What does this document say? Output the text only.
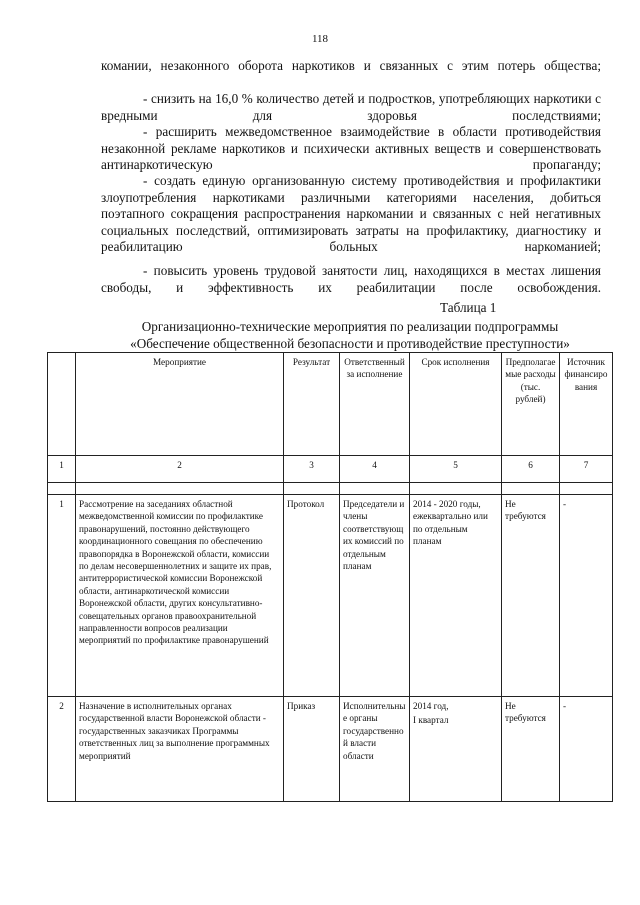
118

комании, незаконного оборота наркотиков и связанных с этим потерь общества;

- снизить на 16,0 % количество детей и подростков, употребляющих наркотики с вредными для здоровья последствиями;

- расширить межведомственное взаимодействие в области противодействия незаконной рекламе наркотиков и психически активных веществ и совершенствовать антинаркотическую пропаганду;

- создать единую организованную систему противодействия и профилактики злоупотребления наркотиками различными категориями населения, добиться поэтапного сокращения распространения наркомании и связанных с ней негативных социальных последствий, оптимизировать затраты на профилактику, диагностику и реабилитацию больных наркоманией;

- повысить уровень трудовой занятости лиц, находящихся в местах лишения свободы, и эффективность их реабилитации после освобождения.

Таблица 1
Организационно-технические мероприятия по реализации подпрограммы
«Обеспечение общественной безопасности и противодействие преступности»
	Мероприятие	Результат	Ответственный за исполнение	Срок исполнения	Предполагаемые расходы (тыс. рублей)	Источник финансирования
1	2	3	4	5	6	7

1	Рассмотрение на заседаниях областной межведомственной комиссии по профилактике правонарушений, постоянно действующего координационного совещания по обеспечению правопорядка в Воронежской области, комиссии по делам несовершеннолетних и защите их прав, антитеррористической комиссии Воронежской области, антинаркотической комиссии Воронежской области, других консультативно-совещательных органов правоохранительной направленности вопросов реализации мероприятий по профилактике правонарушений	Протокол	Председатели и члены соответствующих комиссий по отдельным планам	2014 - 2020 годы, ежеквартально или по отдельным планам	Не требуются	-
2	Назначение в исполнительных органах государственной власти Воронежской области - государственных заказчиках Программы ответственных лиц за выполнение программных мероприятий	Приказ	Исполнительные органы государственной власти области	2014 год,
I квартал	Не требуются	-
